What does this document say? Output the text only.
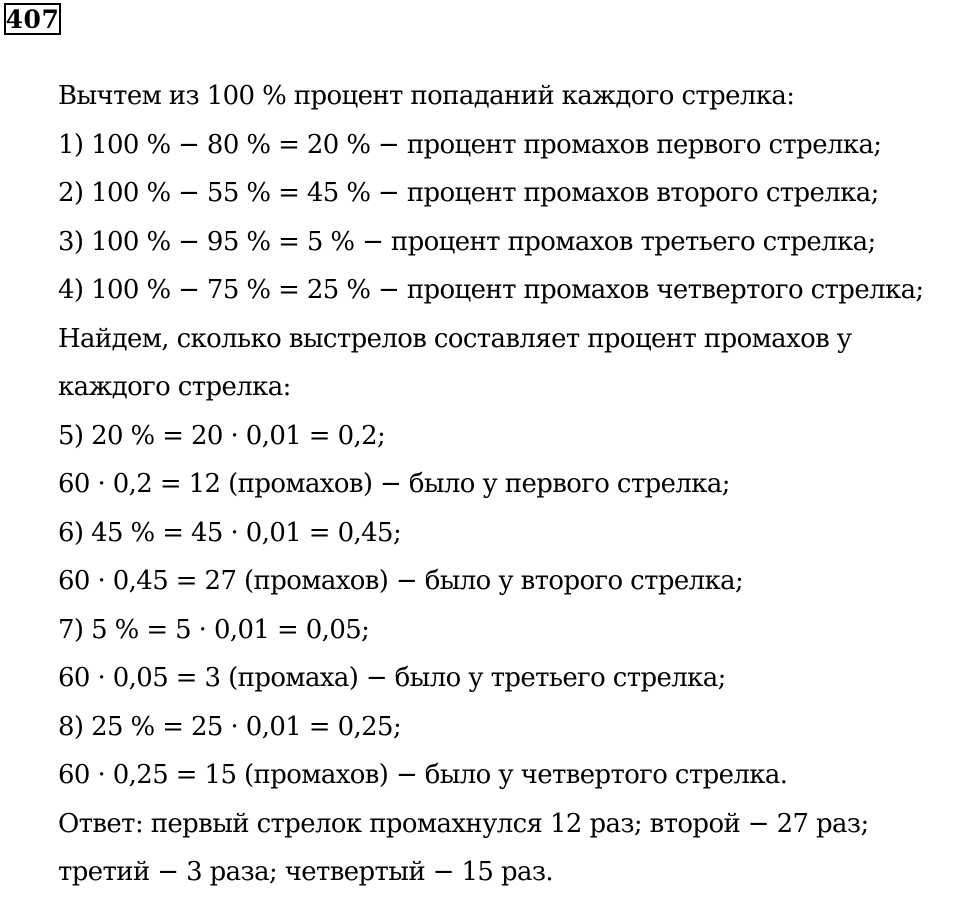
407
Вычтем из 100 % процент попаданий каждого стрелка:
1) 100 % − 80 % = 20 % − процент промахов первого стрелка;
2) 100 % − 55 % = 45 % − процент промахов второго стрелка;
3) 100 % − 95 % = 5 % − процент промахов третьего стрелка;
4) 100 % − 75 % = 25 % − процент промахов четвертого стрелка;
Найдем, сколько выстрелов составляет процент промахов у
каждого стрелка:
5) 20 % = 20 · 0,01 = 0,2;
60 · 0,2 = 12 (промахов) − было у первого стрелка;
6) 45 % = 45 · 0,01 = 0,45;
60 · 0,45 = 27 (промахов) − было у второго стрелка;
7) 5 % = 5 · 0,01 = 0,05;
60 · 0,05 = 3 (промаха) − было у третьего стрелка;
8) 25 % = 25 · 0,01 = 0,25;
60 · 0,25 = 15 (промахов) − было у четвертого стрелка.
Ответ: первый стрелок промахнулся 12 раз; второй − 27 раз;
третий − 3 раза; четвертый − 15 раз.
